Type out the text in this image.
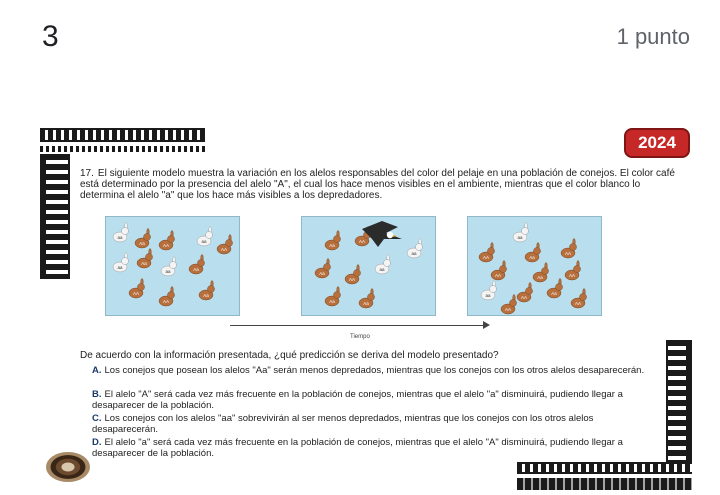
3	1 punto
2024
17. El siguiente modelo muestra la variación en los alelos responsables del color del pelaje en una población de conejos. El color café está determinado por la presencia del alelo "A", el cual los hace menos visibles en el ambiente, mientras que el color blanco lo determina el alelo "a" que los hace más visibles a los depredadores.
aa
Aa	AA
aa
AA
aa
Aa
aa	Aa
AA
AA
Aa
Aa
AA
aa
Aa
AA
aa
Aa	Aa
aa
AA	Aa
AA
AA	Aa	AA
aa	AA
Aa
AA
AA
Tiempo
De acuerdo con la información presentada, ¿qué predicción se deriva del modelo presentado?
A. Los conejos que posean los alelos "Aa" serán menos depredados, mientras que los conejos con los otros alelos desaparecerán.
B. El alelo "A" será cada vez más frecuente en la población de conejos, mientras que el alelo "a" disminuirá, pudiendo llegar a desaparecer de la población.
C. Los conejos con los alelos "aa" sobrevivirán al ser menos depredados, mientras que los conejos con los otros alelos desaparecerán.
D. El alelo "a" será cada vez más frecuente en la población de conejos, mientras que el alelo "A" disminuirá, pudiendo llegar a desaparecer de la población.
